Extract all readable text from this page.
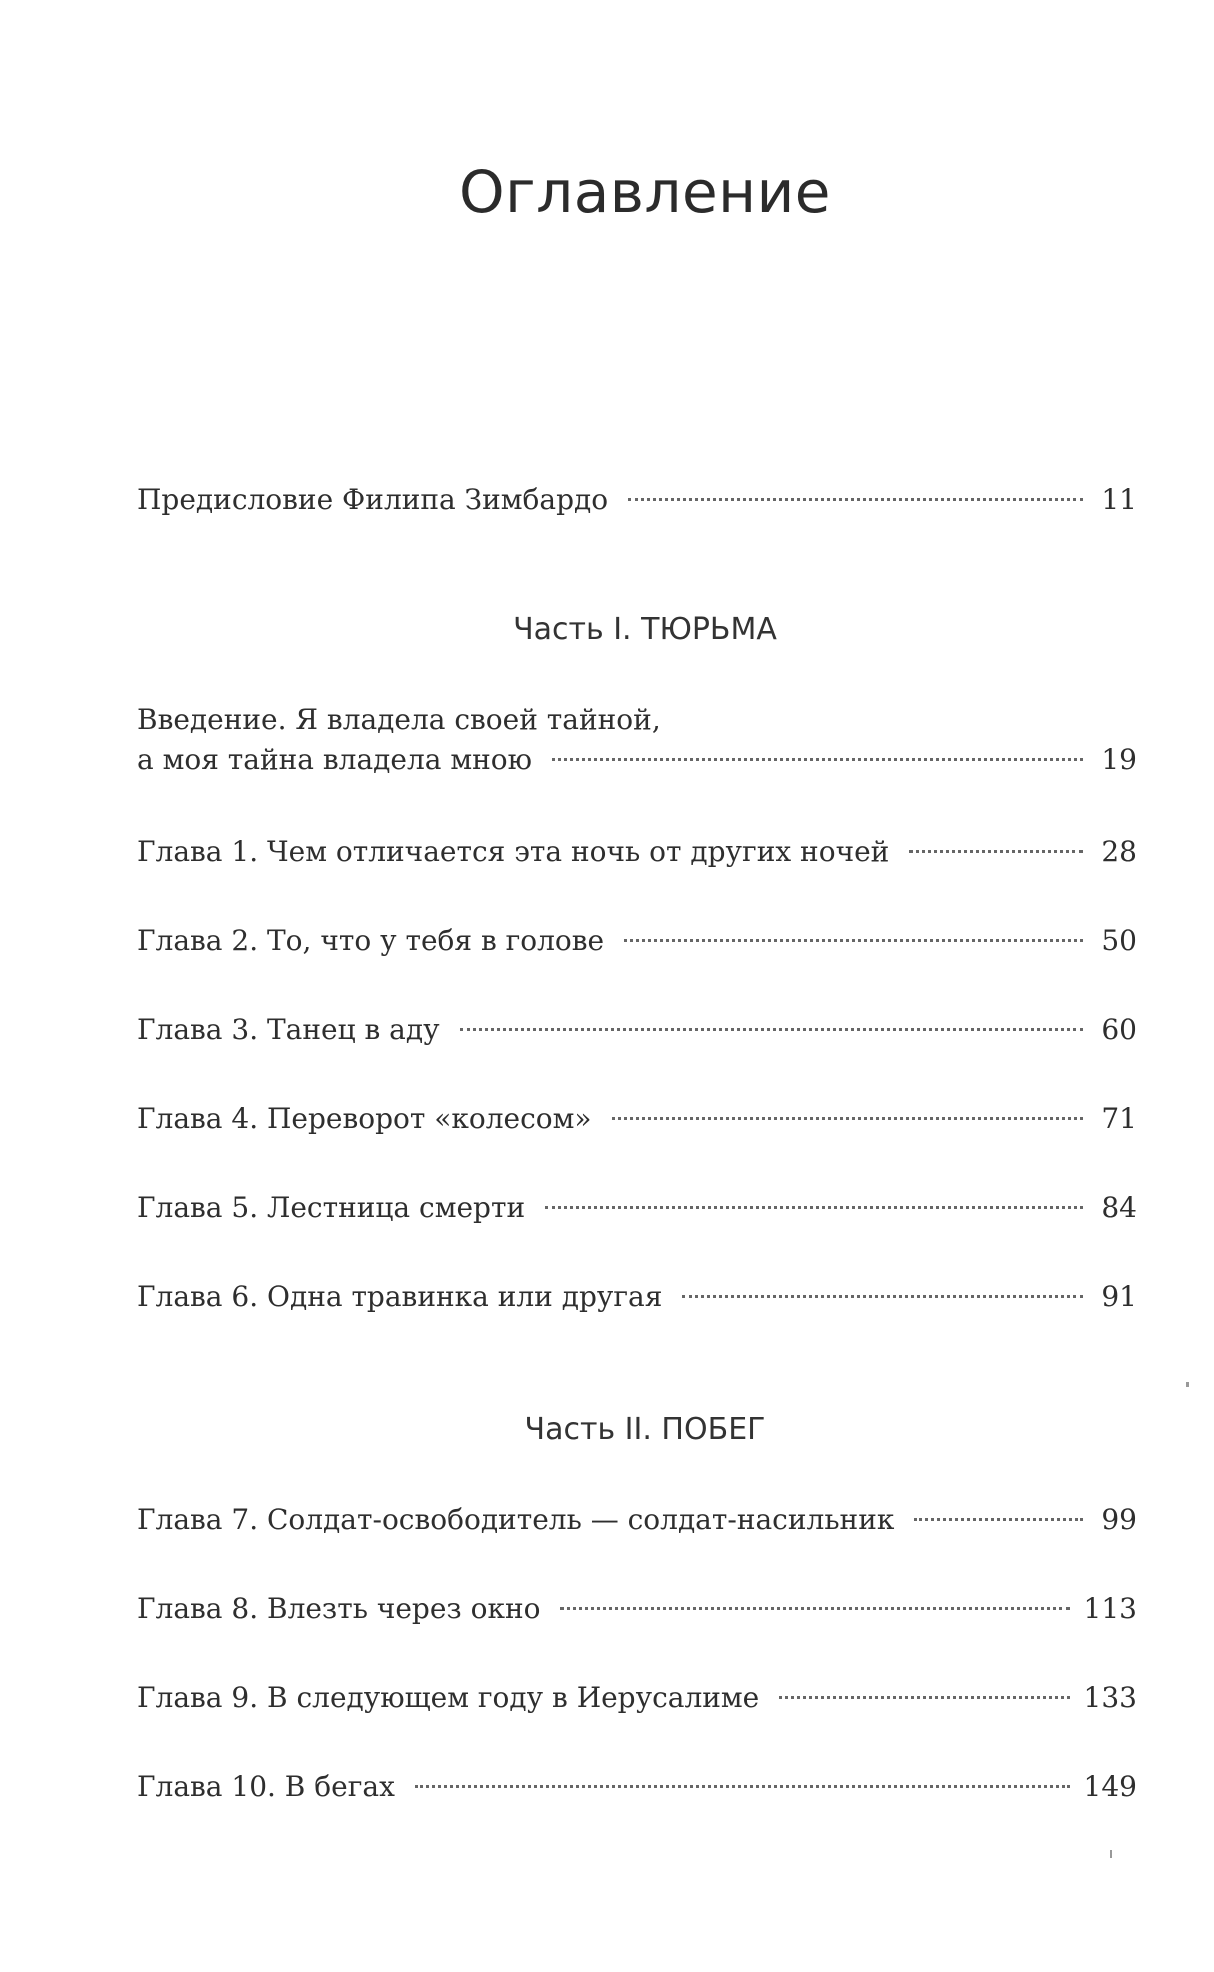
Оглавление
Предисловие Филипа Зимбардо	11
Часть I. ТЮРЬМА
Введение. Я владела своей тайной,
а моя тайна владела мною	19
Глава 1. Чем отличается эта ночь от других ночей	28
Глава 2. То, что у тебя в голове	50
Глава 3. Танец в аду	60
Глава 4. Переворот «колесом»	71
Глава 5. Лестница смерти	84
Глава 6. Одна травинка или другая	91
Часть II. ПОБЕГ
Глава 7. Солдат-освободитель — солдат-насильник	99
Глава 8. Влезть через окно	113
Глава 9. В следующем году в Иерусалиме	133
Глава 10. В бегах	149
